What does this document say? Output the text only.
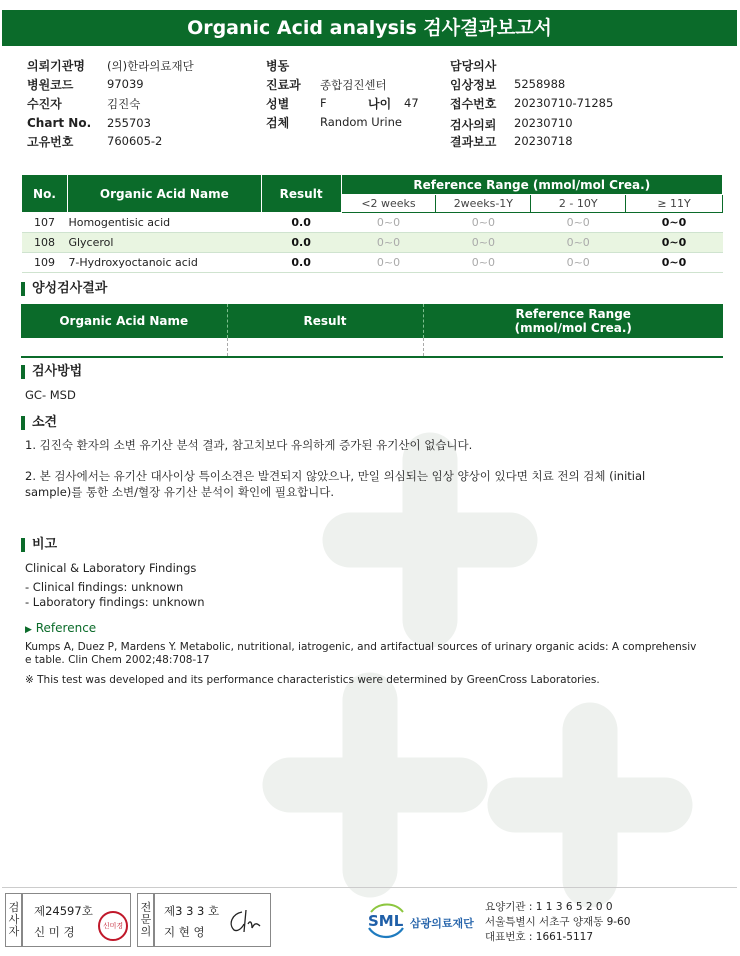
Organic Acid analysis 검사결과보고서
의뢰기관명 (의)한라의료재단
병원코드	97039
수진자	김진숙
Chart No. 255703
고유번호	760605-2
병동
진료과 종합검진센터
성별	F	나이 47
검체	Random Urine
담당의사
임상정보 5258988
접수번호 20230710-71285
검사의뢰 20230710
결과보고 20230718
No.	Organic Acid Name	Result	Reference Range (mmol/mol Crea.)			
			<2 weeks	2weeks-1Y	2 - 10Y	≥ 11Y
107	Homogentisic acid	0.0	0~0	0~0	0~0	0~0
108	Glycerol	0.0	0~0	0~0	0~0	0~0
109	7-Hydroxyoctanoic acid	0.0	0~0	0~0	0~0	0~0
양성검사결과
Organic Acid Name	Result	Reference Range
(mmol/mol Crea.)

검사방법
GC- MSD
소견
1. 김진숙 환자의 소변 유기산 분석 결과, 참고치보다 유의하게 증가된 유기산이 없습니다.
2. 본 검사에서는 유기산 대사이상 특이소견은 발견되지 않았으나, 만일 의심되는 임상 양상이 있다면 치료 전의 검체 (initial
sample)를 통한 소변/혈장 유기산 분석이 확인에 필요합니다.
비고
Clinical & Laboratory Findings
- Clinical findings: unknown
- Laboratory findings: unknown
▶ Reference
Kumps A, Duez P, Mardens Y. Metabolic, nutritional, iatrogenic, and artifactual sources of urinary organic acids: A comprehensiv
e table. Clin Chem 2002;48:708-17
※ This test was developed and its performance characteristics were determined by GreenCross Laboratories.
검
사
자
제24597호
신 미 경	신미경
전
문
의
제3 3 3 호
지 현 영
SML 삼광의료재단
요양기관 : 1 1 3 6 5 2 0 0
서울특별시 서초구 양재동 9-60
대표번호 : 1661-5117
